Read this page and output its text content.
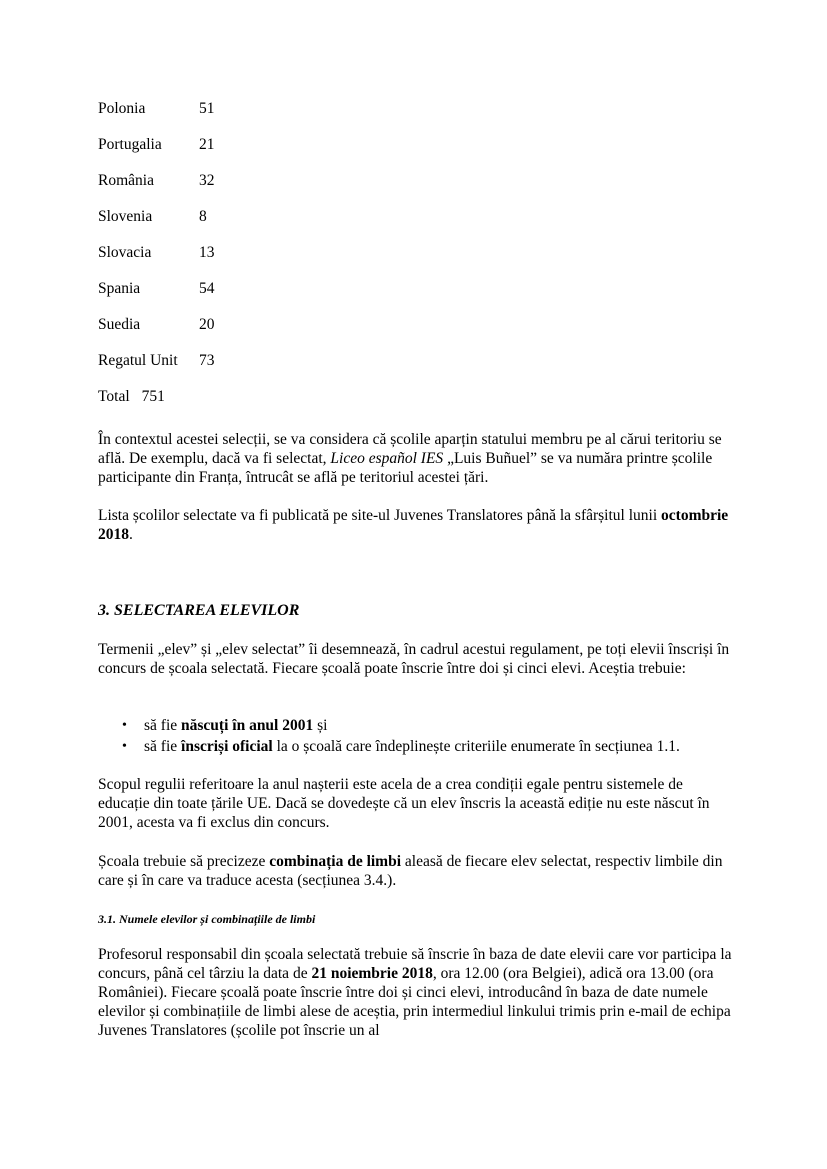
Polonia	51
Portugalia 21
România	32
Slovenia	8
Slovacia	13
Spania	54
Suedia	20
Regatul Unit 73
Total 751

În contextul acestei selecții, se va considera că școlile aparțin statului membru pe al cărui teritoriu se află. De exemplu, dacă va fi selectat, Liceo español IES „Luis Buñuel” se va număra printre școlile participante din Franța, întrucât se află pe teritoriul acestei țări.

Lista școlilor selectate va fi publicată pe site-ul Juvenes Translatores până la sfârșitul lunii octombrie 2018.

3. SELECTAREA ELEVILOR

Termenii „elev” și „elev selectat” îi desemnează, în cadrul acestui regulament, pe toți elevii înscriși în concurs de școala selectată. Fiecare școală poate înscrie între doi și cinci elevi. Aceștia trebuie:

• să fie născuți în anul 2001 și
• să fie înscriși oficial la o școală care îndeplinește criteriile enumerate în secțiunea 1.1.

Scopul regulii referitoare la anul nașterii este acela de a crea condiții egale pentru sistemele de educație din toate țările UE. Dacă se dovedește că un elev înscris la această ediție nu este născut în 2001, acesta va fi exclus din concurs.

Școala trebuie să precizeze combinația de limbi aleasă de fiecare elev selectat, respectiv limbile din care și în care va traduce acesta (secțiunea 3.4.).

3.1. Numele elevilor și combinațiile de limbi

Profesorul responsabil din școala selectată trebuie să înscrie în baza de date elevii care vor participa la concurs, până cel târziu la data de 21 noiembrie 2018, ora 12.00 (ora Belgiei), adică ora 13.00 (ora României). Fiecare școală poate înscrie între doi și cinci elevi, introducând în baza de date numele elevilor și combinațiile de limbi alese de aceștia, prin intermediul linkului trimis prin e-mail de echipa Juvenes Translatores (școlile pot înscrie un al
